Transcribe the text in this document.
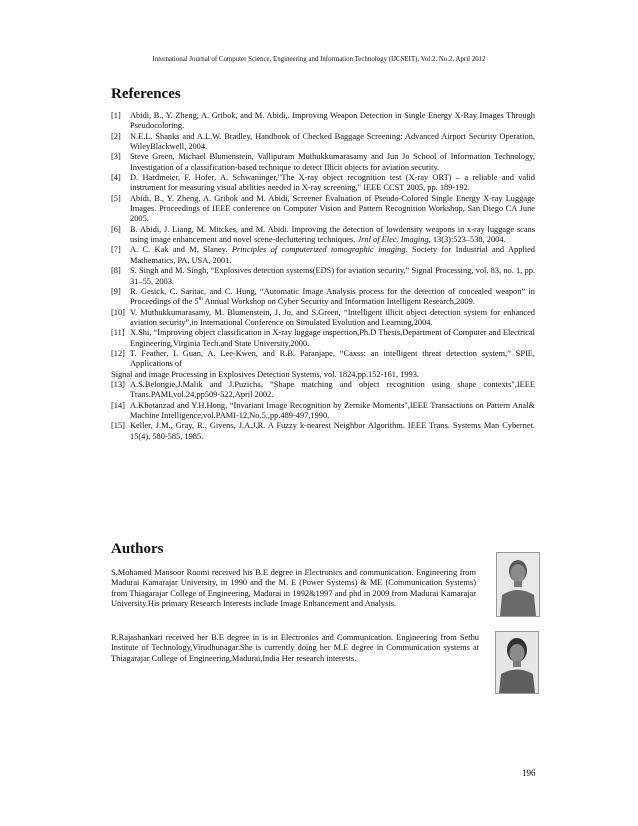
International Journal of Computer Science, Engineering and Information Technology (IJCSEIT), Vol.2, No.2, April 2012
References
[1] Abidi, B., Y. Zheng, A. Gribok, and M. Abidi,. Improving Weapon Detection in Single Energy X-Ray Images Through Pseudocoloring.
[2] N.E.L. Shanks and A.L.W. Bradley, Handbook of Checked Baggage Screening: Advanced Airport Security Operation, WileyBlackwell, 2004.
[3] Steve Green, Michael Blumenstein, Vallipuram Muthukkumarasamy and Jun Jo School of Information Technology, Investigation of a classification-based technique to detect Illicit objects for aviation security.
[4] D. Hardmeier, F. Hofer, A. Schwaninger,"The X-ray object recognition test (X-ray ORT) – a reliable and valid instrument for measuring visual abilities needed in X-ray screening," IEEE CCST 2005, pp. 189-192.
[5] Abidi, B., Y. Zheng, A. Gribok and M. Abidi, Screener Evaluation of Pseudo-Colored Single Energy X-ray Luggage Images. Proceedings of IEEE conference on Computer Vision and Pattern Recognition Workshop, San Diego CA June 2005.
[6] B. Abidi, J. Liang, M. Mitckes, and M. Abidi. Improving the detection of lowdensity weapons in x-ray luggage scans using image enhancement and novel scene-decluttering techniques. Jrnl of Elec. Imaging, 13(3):523–538, 2004.
[7] A. C. Kak and M. Slaney. Principles of computerized tomographic imaging. Society for Industrial and Applied Mathematics, PA, USA, 2001.
[8] S. Singh and M. Singh, “Explosives detection systems(EDS) for aviation security,” Signal Processing, vol. 83, no. 1, pp. 31–55, 2003.
[9] R. Gesick, C. Saritac, and C. Hung, “Automatic Image Analysis process for the detection of concealed weapon” in Proceedings of the 5th Annual Workshop on Cyber Security and Information Intelligent Research,2009.
[10] V. Muthukkumarasamy, M. Blumenstein, J. Jo, and S.Green, “Intelligent illicit object detection system for enhanced aviation security”,in International Conference on Simulated Evolution and Learning,2004.
[11] X.Shi, “Improving object classification in X-ray luggage inspection,Ph.D Thesis,Department of Computer and Electrical Engineering,Virginia Tech.and State University,2000.
[12] T. Feather, L Guan, A. Lee-Kwen, and R.B. Paranjape, “Caxss: an intelligent threat detection system,” SPIE, Applications of
Signal and image Processing in Explosives Detection Systems, vol. 1824,pp.152-161, 1993.
[13] A.S.Belongie,J.Malik and J.Puzicha, “Shape matching and object recognition using shape contexts",IEEE Trans.PAMI,vol.24,pp509-522,April 2002.
[14] A.Khotanzad and Y.H.Hong, “Invariant Image Recognition by Zernike Moments",IEEE Transactions on Pattern Anal& Machine Intelligence,vol.PAMI-12,No.5.,pp.489-497,1990.
[15] Keller, J.M., Gray, R., Givens, J.A.J.R. A Fuzzy k-nearest Neighbor Algorithm. IEEE Trans. Systems Man Cybernet. 15(4), 580-585, 1985.
Authors
S.Mohamed Mansoor Roomi received his B.E degree in Electronics and communication. Engineering from Madurai Kamarajar University, in 1990 and the M. E (Power Systems) & ME (Communication Systems) from Thiagarajar College of Engineering, Madurai in 1992&1997 and phd in 2009 from Madurai Kamarajar University.His primary Research Interests include Image Enhancement and Analysis.
R.Rajashankari received her B.E degree in is in Electronics and Communication. Engineering from Sethu Institute of Technology,Virudhunagar.She is currently doing her M.E degree in Communication systems at Thiagarajar College of Engineering,Madurai,India Her research interests.
196
